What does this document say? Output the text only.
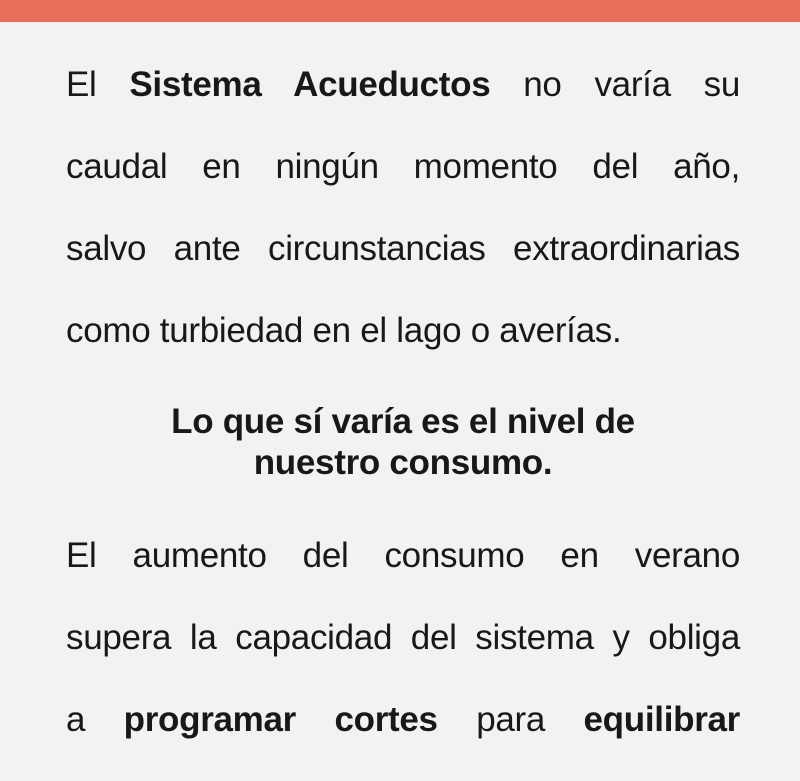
El Sistema Acueductos no varía su
caudal en ningún momento del año,
salvo ante circunstancias extraordinarias
como turbiedad en el lago o averías.

Lo que sí varía es el nivel de
nuestro consumo.

El aumento del consumo en verano
supera la capacidad del sistema y obliga
a programar cortes para equilibrar
